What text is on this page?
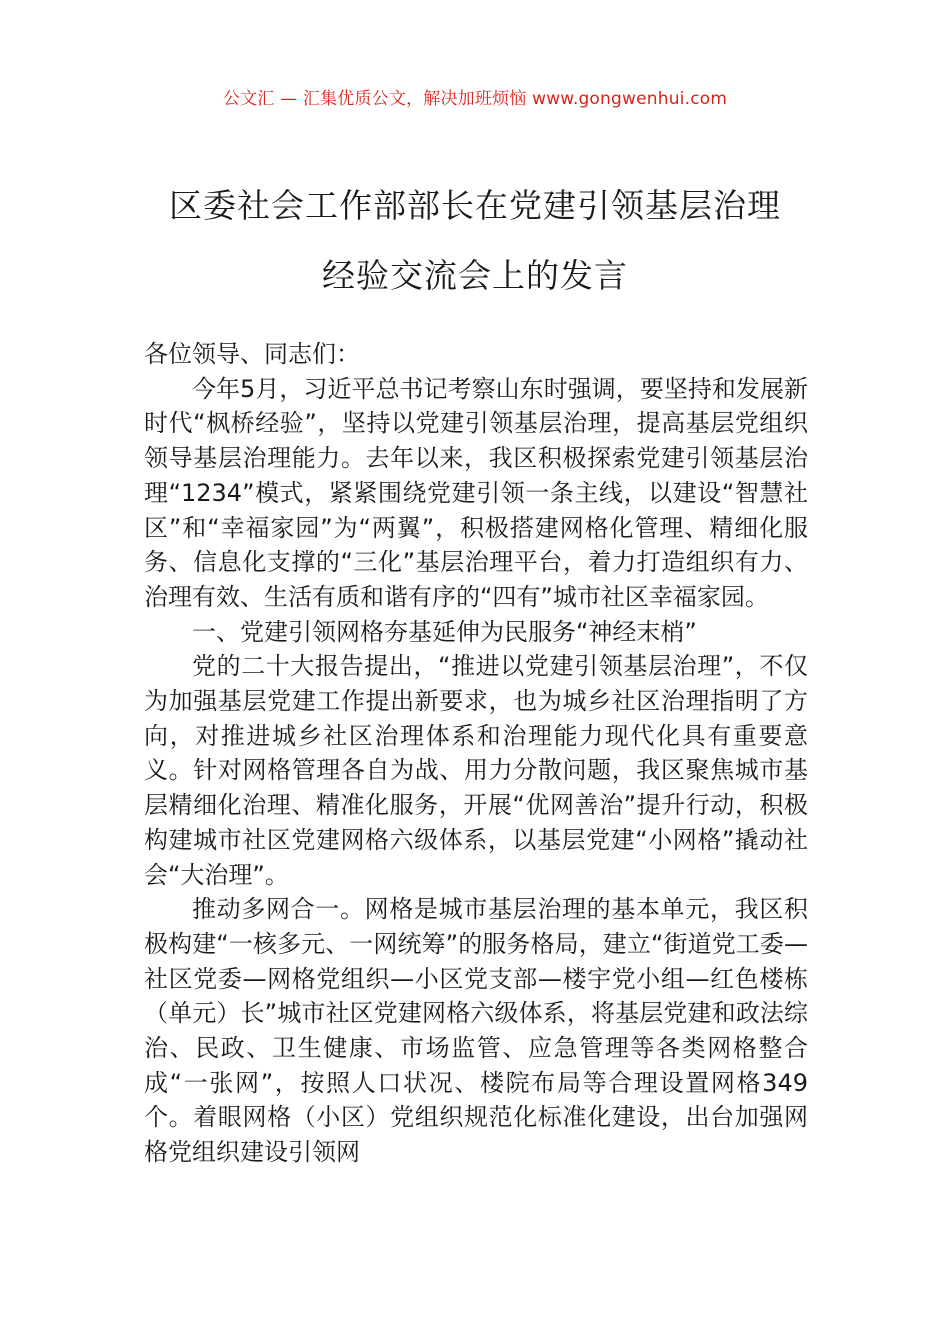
公文汇 — 汇集优质公文，解决加班烦恼 www.gongwenhui.com
区委社会工作部部长在党建引领基层治理
经验交流会上的发言

各位领导、同志们：

今年5月，习近平总书记考察山东时强调，要坚持和发展新时代“枫桥经验”，坚持以党建引领基层治理，提高基层党组织领导基层治理能力。去年以来，我区积极探索党建引领基层治理“1234”模式，紧紧围绕党建引领一条主线，以建设“智慧社区”和“幸福家园”为“两翼”，积极搭建网格化管理、精细化服务、信息化支撑的“三化”基层治理平台，着力打造组织有力、治理有效、生活有质和谐有序的“四有”城市社区幸福家园。

一、党建引领网格夯基延伸为民服务“神经末梢”

党的二十大报告提出，“推进以党建引领基层治理”，不仅为加强基层党建工作提出新要求，也为城乡社区治理指明了方向，对推进城乡社区治理体系和治理能力现代化具有重要意义。针对网格管理各自为战、用力分散问题，我区聚焦城市基层精细化治理、精准化服务，开展“优网善治”提升行动，积极构建城市社区党建网格六级体系，以基层党建“小网格”撬动社会“大治理”。

推动多网合一。网格是城市基层治理的基本单元，我区积极构建“一核多元、一网统筹”的服务格局，建立“街道党工委—社区党委—网格党组织—小区党支部—楼宇党小组—红色楼栋（单元）长”城市社区党建网格六级体系，将基层党建和政法综治、民政、卫生健康、市场监管、应急管理等各类网格整合成“一张网”，按照人口状况、楼院布局等合理设置网格349个。着眼网格（小区）党组织规范化标准化建设，出台加强网格党组织建设引领网
